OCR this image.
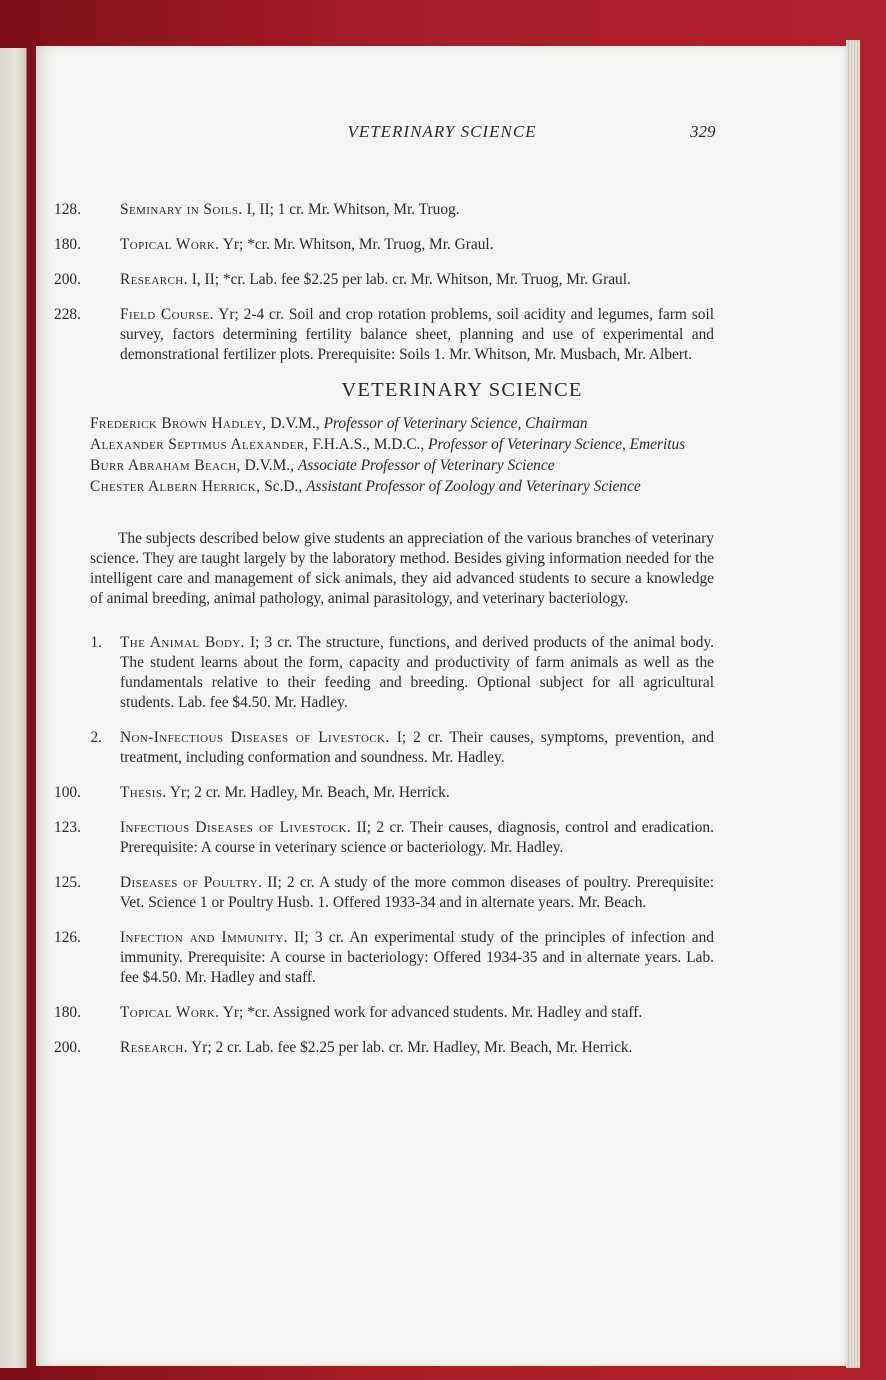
VETERINARY SCIENCE	329
128.	Seminary in Soils. I, II; 1 cr. Mr. Whitson, Mr. Truog.
180.	Topical Work. Yr; *cr. Mr. Whitson, Mr. Truog, Mr. Graul.
200.	Research. I, II; *cr. Lab. fee $2.25 per lab. cr. Mr. Whitson, Mr. Truog, Mr. Graul.
228.	Field Course. Yr; 2-4 cr. Soil and crop rotation problems, soil acidity and legumes, farm soil survey, factors determining fertility balance sheet, planning and use of experimental and demonstrational fertilizer plots. Prerequisite: Soils 1. Mr. Whitson, Mr. Musbach, Mr. Albert.
VETERINARY SCIENCE
Frederick Brown Hadley, D.V.M., Professor of Veterinary Science, Chairman
Alexander Septimus Alexander, F.H.A.S., M.D.C., Professor of Veterinary Science, Emeritus
Burr Abraham Beach, D.V.M., Associate Professor of Veterinary Science
Chester Albern Herrick, Sc.D., Assistant Professor of Zoology and Veterinary Science
The subjects described below give students an appreciation of the various branches of veterinary science. They are taught largely by the laboratory method. Besides giving information needed for the intelligent care and management of sick animals, they aid advanced students to secure a knowledge of animal breeding, animal pathology, animal parasitology, and veterinary bacteriology.
1. The Animal Body. I; 3 cr. The structure, functions, and derived products of the animal body. The student learns about the form, capacity and productivity of farm animals as well as the fundamentals relative to their feeding and breeding. Optional subject for all agricultural students. Lab. fee $4.50. Mr. Hadley.
2. Non-Infectious Diseases of Livestock. I; 2 cr. Their causes, symptoms, prevention, and treatment, including conformation and soundness. Mr. Hadley.
100.	Thesis. Yr; 2 cr. Mr. Hadley, Mr. Beach, Mr. Herrick.
123.	Infectious Diseases of Livestock. II; 2 cr. Their causes, diagnosis, control and eradication. Prerequisite: A course in veterinary science or bacteriology. Mr. Hadley.
125.	Diseases of Poultry. II; 2 cr. A study of the more common diseases of poultry. Prerequisite: Vet. Science 1 or Poultry Husb. 1. Offered 1933-34 and in alternate years. Mr. Beach.
126.	Infection and Immunity. II; 3 cr. An experimental study of the principles of infection and immunity. Prerequisite: A course in bacteriology: Offered 1934-35 and in alternate years. Lab. fee $4.50. Mr. Hadley and staff.
180.	Topical Work. Yr; *cr. Assigned work for advanced students. Mr. Hadley and staff.
200.	Research. Yr; 2 cr. Lab. fee $2.25 per lab. cr. Mr. Hadley, Mr. Beach, Mr. Herrick.
